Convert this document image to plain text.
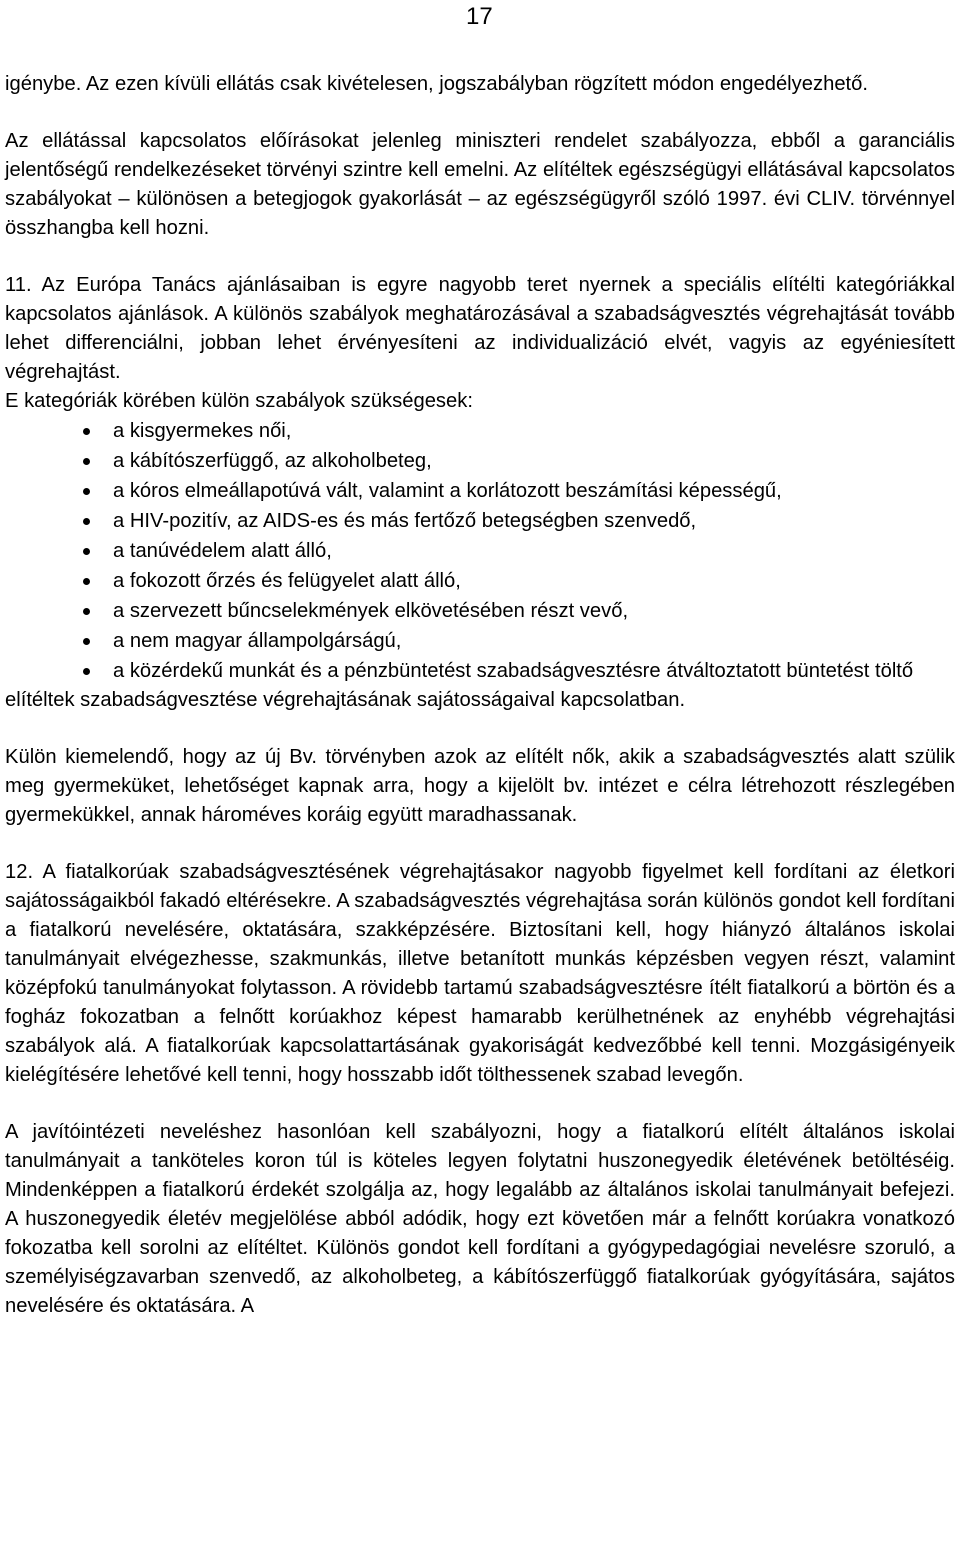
17

igénybe. Az ezen kívüli ellátás csak kivételesen, jogszabályban rögzített módon engedélyezhető.

Az ellátással kapcsolatos előírásokat jelenleg miniszteri rendelet szabályozza, ebből a garanciális jelentőségű rendelkezéseket törvényi szintre kell emelni. Az elítéltek egészségügyi ellátásával kapcsolatos szabályokat – különösen a betegjogok gyakorlását – az egészségügyről szóló 1997. évi CLIV. törvénnyel összhangba kell hozni.

11. Az Európa Tanács ajánlásaiban is egyre nagyobb teret nyernek a speciális elítélti kategóriákkal kapcsolatos ajánlások. A különös szabályok meghatározásával a szabadságvesztés végrehajtását tovább lehet differenciálni, jobban lehet érvényesíteni az individualizáció elvét, vagyis az egyéniesített végrehajtást.

E kategóriák körében külön szabályok szükségesek:

a kisgyermekes női,
a kábítószerfüggő, az alkoholbeteg,
a kóros elmeállapotúvá vált, valamint a korlátozott beszámítási képességű,
a HIV-pozitív, az AIDS-es és más fertőző betegségben szenvedő,
a tanúvédelem alatt álló,
a fokozott őrzés és felügyelet alatt álló,
a szervezett bűncselekmények elkövetésében részt vevő,
a nem magyar állampolgárságú,
a közérdekű munkát és a pénzbüntetést szabadságvesztésre átváltoztatott büntetést töltő

elítéltek szabadságvesztése végrehajtásának sajátosságaival kapcsolatban.

Külön kiemelendő, hogy az új Bv. törvényben azok az elítélt nők, akik a szabadságvesztés alatt szülik meg gyermeküket, lehetőséget kapnak arra, hogy a kijelölt bv. intézet e célra létrehozott részlegében gyermekükkel, annak hároméves koráig együtt maradhassanak.

12. A fiatalkorúak szabadságvesztésének végrehajtásakor nagyobb figyelmet kell fordítani az életkori sajátosságaikból fakadó eltérésekre. A szabadságvesztés végrehajtása során különös gondot kell fordítani a fiatalkorú nevelésére, oktatására, szakképzésére. Biztosítani kell, hogy hiányzó általános iskolai tanulmányait elvégezhesse, szakmunkás, illetve betanított munkás képzésben vegyen részt, valamint középfokú tanulmányokat folytasson. A rövidebb tartamú szabadságvesztésre ítélt fiatalkorú a börtön és a fogház fokozatban a felnőtt korúakhoz képest hamarabb kerülhetnének az enyhébb végrehajtási szabályok alá. A fiatalkorúak kapcsolattartásának gyakoriságát kedvezőbbé kell tenni. Mozgásigényeik kielégítésére lehetővé kell tenni, hogy hosszabb időt tölthessenek szabad levegőn.

A javítóintézeti neveléshez hasonlóan kell szabályozni, hogy a fiatalkorú elítélt általános iskolai tanulmányait a tanköteles koron túl is köteles legyen folytatni huszonegyedik életévének betöltéséig. Mindenképpen a fiatalkorú érdekét szolgálja az, hogy legalább az általános iskolai tanulmányait befejezi. A huszonegyedik életév megjelölése abból adódik, hogy ezt követően már a felnőtt korúakra vonatkozó fokozatba kell sorolni az elítéltet. Különös gondot kell fordítani a gyógypedagógiai nevelésre szoruló, a személyiségzavarban szenvedő, az alkoholbeteg, a kábítószerfüggő fiatalkorúak gyógyítására, sajátos nevelésére és oktatására. A
